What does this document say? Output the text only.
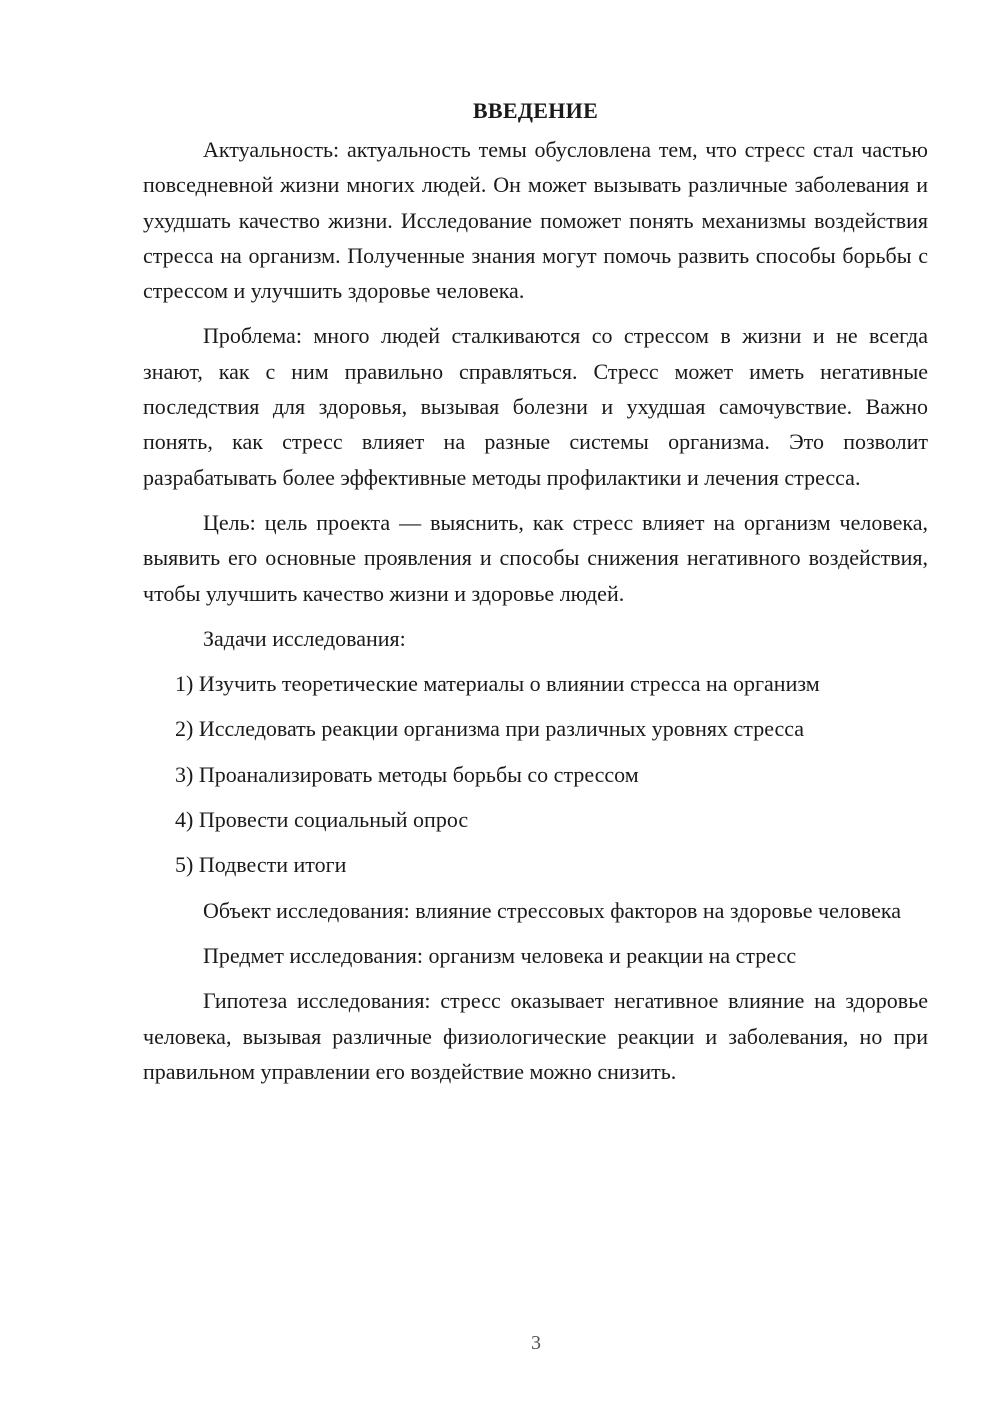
ВВЕДЕНИЕ

Актуальность: актуальность темы обусловлена тем, что стресс стал частью повседневной жизни многих людей. Он может вызывать различные заболевания и ухудшать качество жизни. Исследование поможет понять механизмы воздействия стресса на организм. Полученные знания могут помочь развить способы борьбы с стрессом и улучшить здоровье человека.

Проблема: много людей сталкиваются со стрессом в жизни и не всегда знают, как с ним правильно справляться. Стресс может иметь негативные последствия для здоровья, вызывая болезни и ухудшая самочувствие. Важно понять, как стресс влияет на разные системы организма. Это позволит разрабатывать более эффективные методы профилактики и лечения стресса.

Цель: цель проекта — выяснить, как стресс влияет на организм человека, выявить его основные проявления и способы снижения негативного воздействия, чтобы улучшить качество жизни и здоровье людей.

Задачи исследования:

1) Изучить теоретические материалы о влиянии стресса на организм

2) Исследовать реакции организма при различных уровнях стресса

3) Проанализировать методы борьбы со стрессом

4) Провести социальный опрос

5) Подвести итоги

Объект исследования: влияние стрессовых факторов на здоровье человека

Предмет исследования: организм человека и реакции на стресс

Гипотеза исследования: стресс оказывает негативное влияние на здоровье человека, вызывая различные физиологические реакции и заболевания, но при правильном управлении его воздействие можно снизить.

3
